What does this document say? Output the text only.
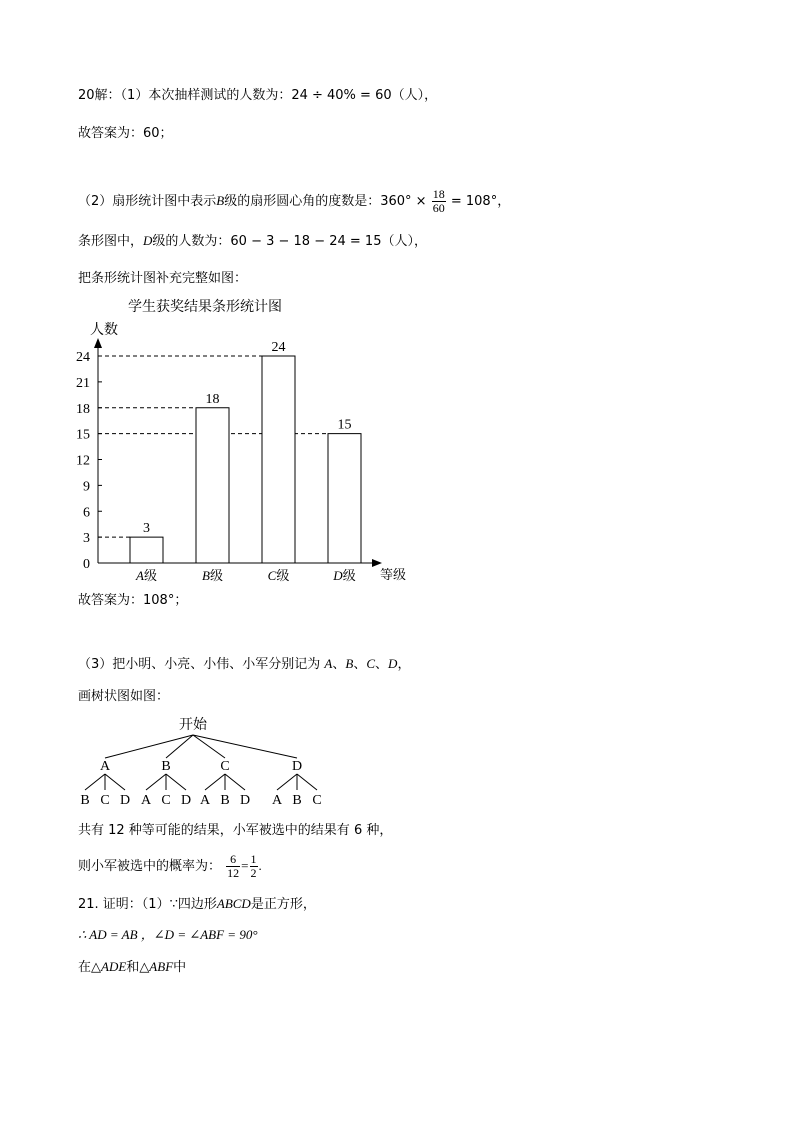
20解：（1）本次抽样测试的人数为：24 ÷ 40% = 60（人），
故答案为：60；
（2）扇形统计图中表示B级的扇形圆心角的度数是：$360^\circ \times \frac{18}{60} = 108^\circ$，
条形图中，D级的人数为：60 − 3 − 18 − 24 = 15（人），
把条形统计图补充完整如图：
学生获奖结果条形统计图
人数
等级
0
3
6
9
12
15
18
21
24
3
A级
18
B级
24
C级
15
D级
故答案为：108°；
（3）把小明、小亮、小伟、小军分别记为 A、B、C、D，
画树状图如图：
开始
A
B C D
B
A C D
C
A B D
D
A B C
共有 12 种等可能的结果，小军被选中的结果有 6 种，
则小军被选中的概率为： $\frac{6}{12} = \frac{1}{2}$ .
21. 证明：（1）∵四边形ABCD是正方形，
∴ AD = AB ，∠D = ∠ABF = 90°
在△ADE和△ABF中
